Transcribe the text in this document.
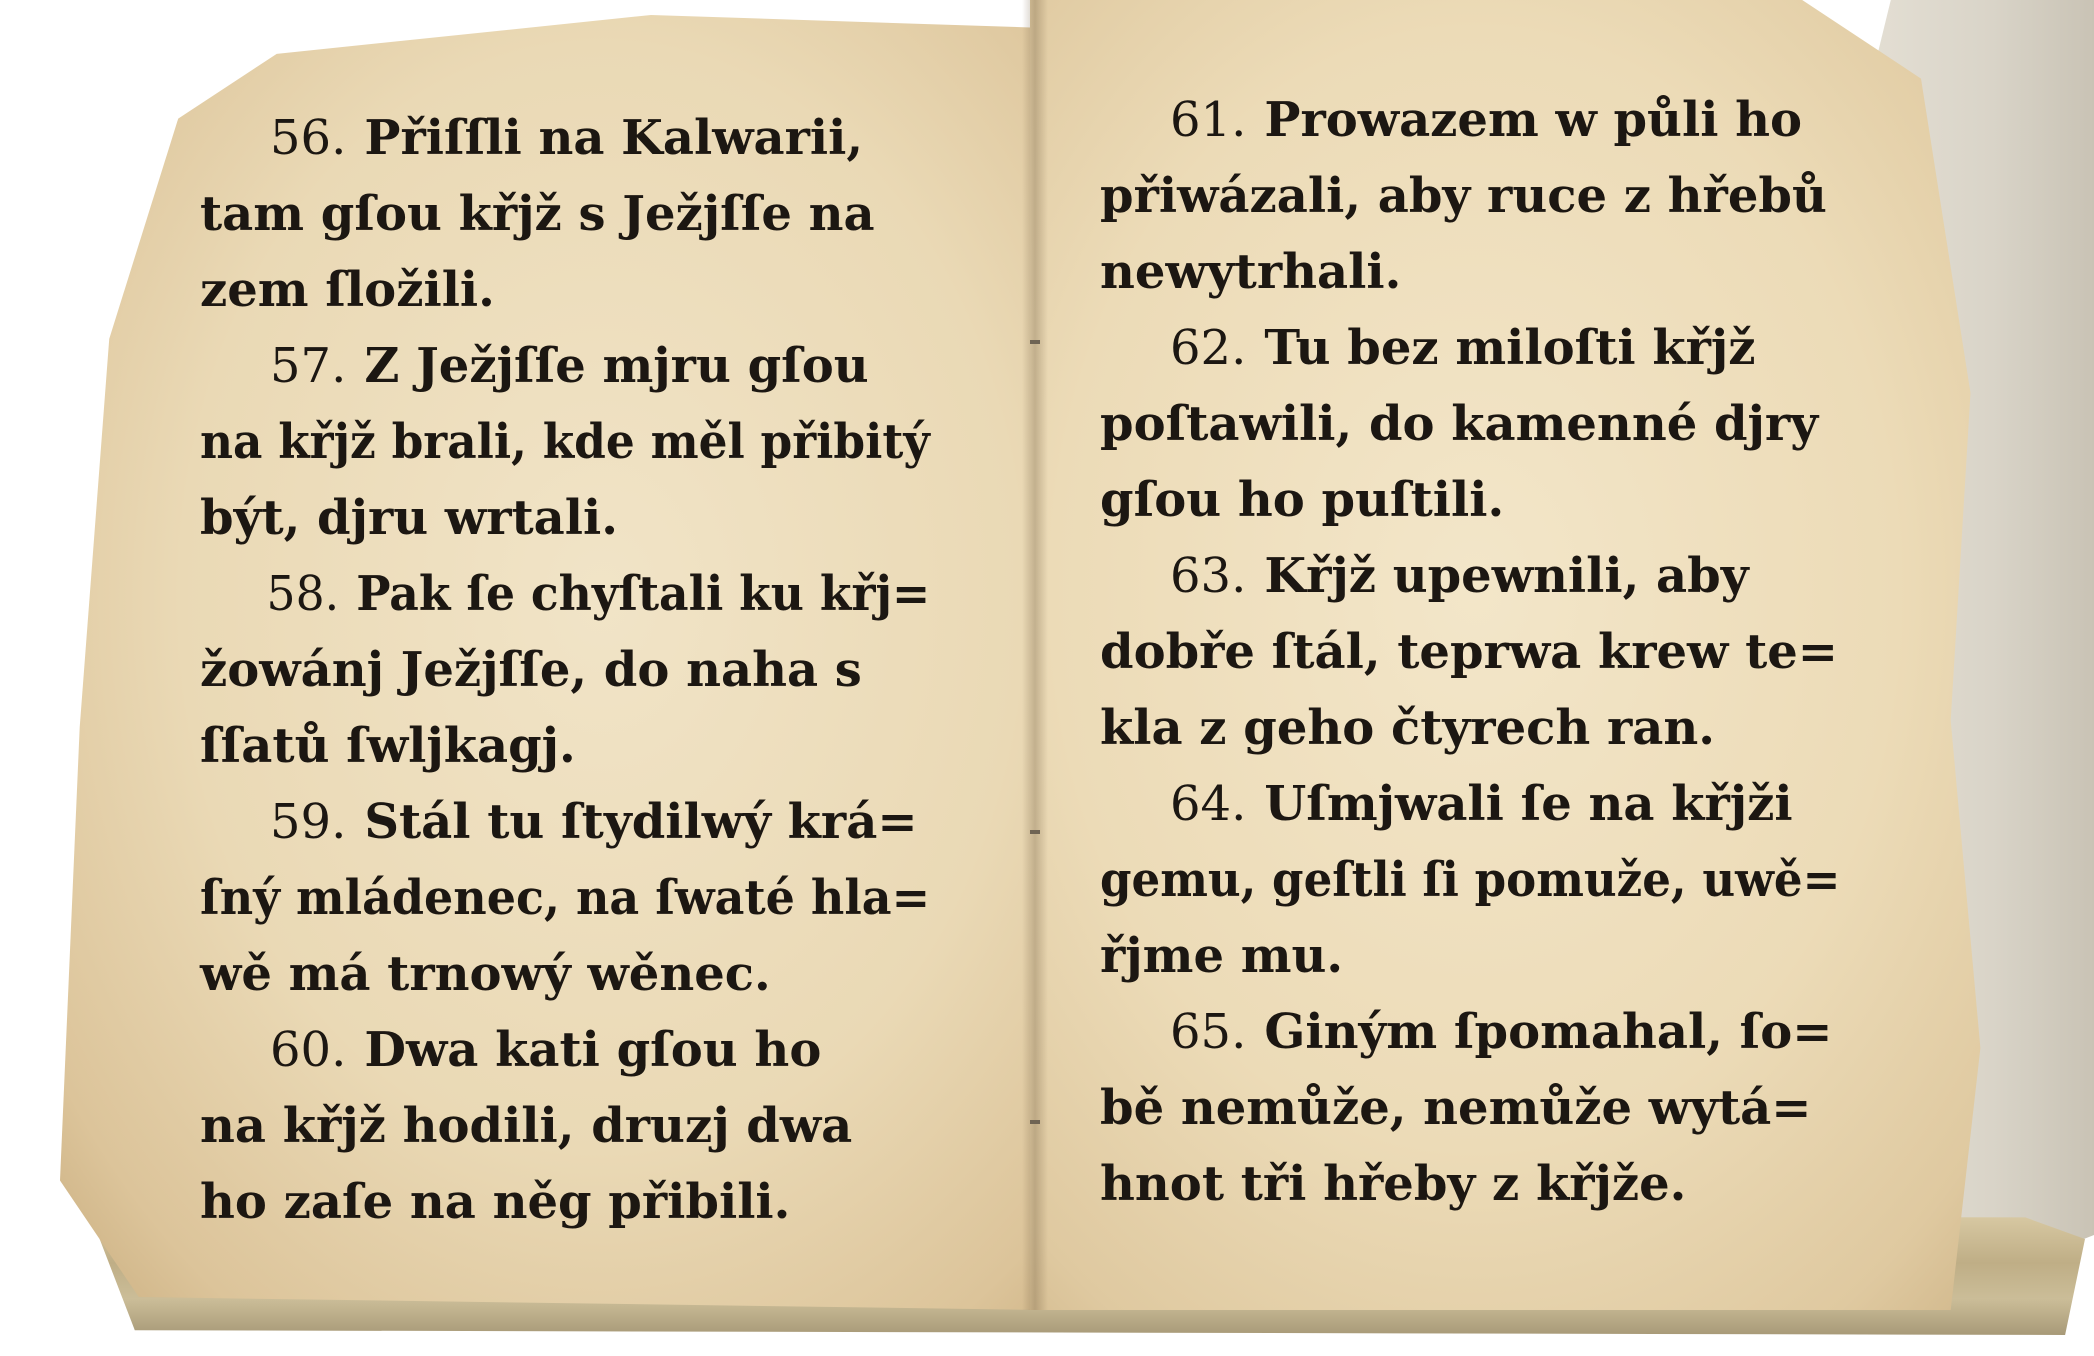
56. Přiſſli na Kalwarii,
tam gſou křjž s Ježjſſe na
zem ſložili.
57. Z Ježjſſe mjru gſou
na křjž brali, kde měl přibitý
být, djru wrtali.
58. Pak ſe chyſtali ku křj=
žowánj Ježjſſe, do naha s
ſſatů ſwljkagj.
59. Stál tu ſtydilwý krá=
ſný mládenec, na ſwaté hla=
wě má trnowý wěnec.
60. Dwa kati gſou ho
na křjž hodili, druzj dwa
ho zaſe na něg přibili.
61. Prowazem w půli ho
přiwázali, aby ruce z hřebů
newytrhali.
62. Tu bez miloſti křjž
poſtawili, do kamenné djry
gſou ho puſtili.
63. Křjž upewnili, aby
dobře ſtál, teprwa krew te=
kla z geho čtyrech ran.
64. Uſmjwali ſe na křjži
gemu, geſtli ſi pomuže, uwě=
řjme mu.
65. Giným ſpomahal, ſo=
bě nemůže, nemůže wytá=
hnot tři hřeby z křjže.
